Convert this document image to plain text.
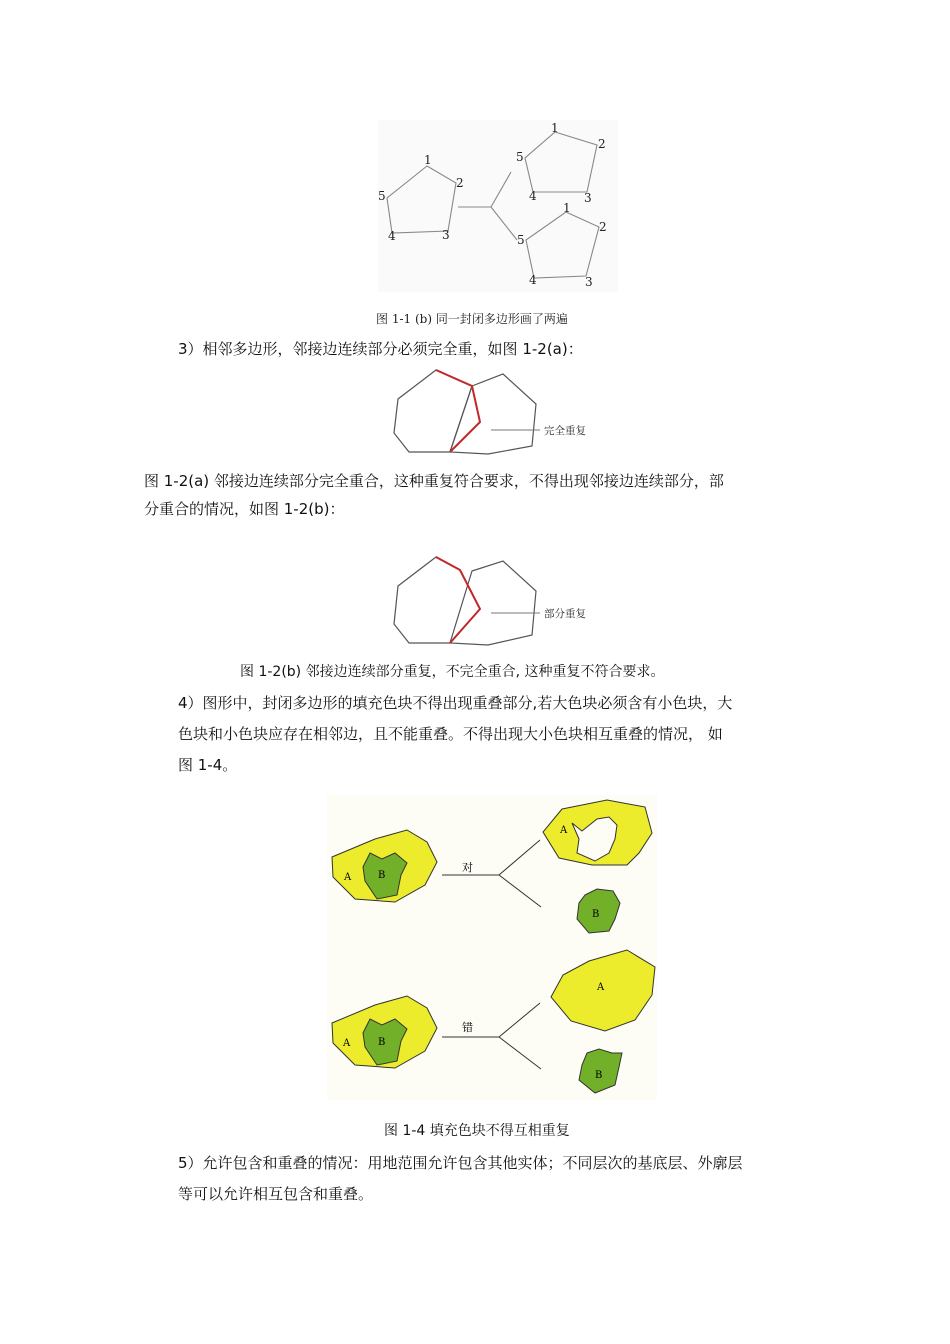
1
2
3
4
5
1
2
3
4
5
1
2
3
4
5
图 1-1 (b) 同一封闭多边形画了两遍
3）相邻多边形，邻接边连续部分必须完全重，如图 1-2(a)：
完全重复
图 1-2(a) 邻接边连续部分完全重合，这种重复符合要求，不得出现邻接边连续部分，部
分重合的情况，如图 1-2(b)：
部分重复
图 1-2(b) 邻接边连续部分重复，不完全重合, 这种重复不符合要求。
4）图形中，封闭多边形的填充色块不得出现重叠部分,若大色块必须含有小色块，大
色块和小色块应存在相邻边，且不能重叠。不得出现大小色块相互重叠的情况， 如
图 1-4。
A	B
对
A
B
A	B
错
A
B
图 1-4 填充色块不得互相重复
5）允许包含和重叠的情况：用地范围允许包含其他实体；不同层次的基底层、外廓层
等可以允许相互包含和重叠。
